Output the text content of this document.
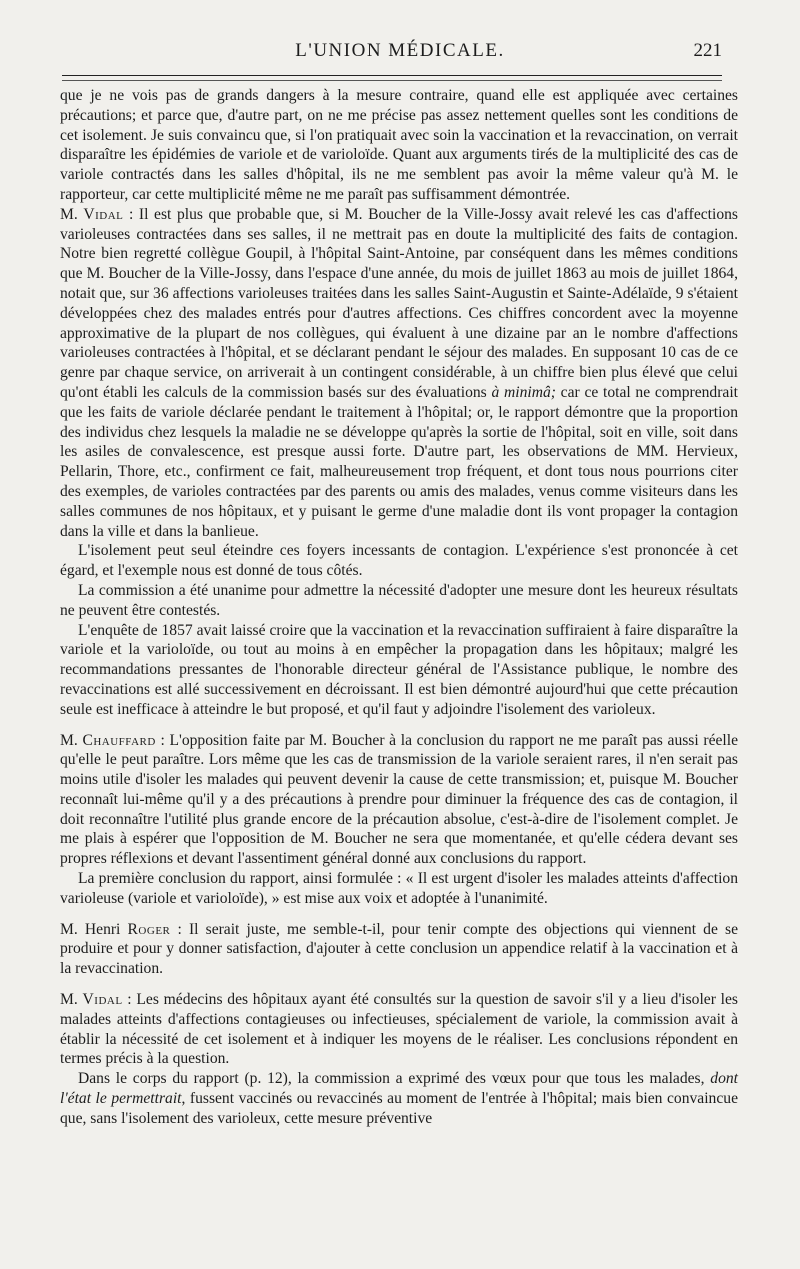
L'UNION MÉDICALE.	221

que je ne vois pas de grands dangers à la mesure contraire, quand elle est appliquée avec certaines précautions; et parce que, d'autre part, on ne me précise pas assez nettement quelles sont les conditions de cet isolement. Je suis convaincu que, si l'on pratiquait avec soin la vaccination et la revaccination, on verrait disparaître les épidémies de variole et de varioloïde. Quant aux arguments tirés de la multiplicité des cas de variole contractés dans les salles d'hôpital, ils ne me semblent pas avoir la même valeur qu'à M. le rapporteur, car cette multiplicité même ne me paraît pas suffisamment démontrée.

M. Vidal : Il est plus que probable que, si M. Boucher de la Ville-Jossy avait relevé les cas d'affections varioleuses contractées dans ses salles, il ne mettrait pas en doute la multiplicité des faits de contagion. Notre bien regretté collègue Goupil, à l'hôpital Saint-Antoine, par conséquent dans les mêmes conditions que M. Boucher de la Ville-Jossy, dans l'espace d'une année, du mois de juillet 1863 au mois de juillet 1864, notait que, sur 36 affections varioleuses traitées dans les salles Saint-Augustin et Sainte-Adélaïde, 9 s'étaient développées chez des malades entrés pour d'autres affections. Ces chiffres concordent avec la moyenne approximative de la plupart de nos collègues, qui évaluent à une dizaine par an le nombre d'affections varioleuses contractées à l'hôpital, et se déclarant pendant le séjour des malades. En supposant 10 cas de ce genre par chaque service, on arriverait à un contingent considérable, à un chiffre bien plus élevé que celui qu'ont établi les calculs de la commission basés sur des évaluations à minimâ; car ce total ne comprendrait que les faits de variole déclarée pendant le traitement à l'hôpital; or, le rapport démontre que la proportion des individus chez lesquels la maladie ne se développe qu'après la sortie de l'hôpital, soit en ville, soit dans les asiles de convalescence, est presque aussi forte. D'autre part, les observations de MM. Hervieux, Pellarin, Thore, etc., confirment ce fait, malheureusement trop fréquent, et dont tous nous pourrions citer des exemples, de varioles contractées par des parents ou amis des malades, venus comme visiteurs dans les salles communes de nos hôpitaux, et y puisant le germe d'une maladie dont ils vont propager la contagion dans la ville et dans la banlieue.

L'isolement peut seul éteindre ces foyers incessants de contagion. L'expérience s'est prononcée à cet égard, et l'exemple nous est donné de tous côtés.

La commission a été unanime pour admettre la nécessité d'adopter une mesure dont les heureux résultats ne peuvent être contestés.

L'enquête de 1857 avait laissé croire que la vaccination et la revaccination suffiraient à faire disparaître la variole et la varioloïde, ou tout au moins à en empêcher la propagation dans les hôpitaux; malgré les recommandations pressantes de l'honorable directeur général de l'Assistance publique, le nombre des revaccinations est allé successivement en décroissant. Il est bien démontré aujourd'hui que cette précaution seule est inefficace à atteindre le but proposé, et qu'il faut y adjoindre l'isolement des varioleux.

M. Chauffard : L'opposition faite par M. Boucher à la conclusion du rapport ne me paraît pas aussi réelle qu'elle le peut paraître. Lors même que les cas de transmission de la variole seraient rares, il n'en serait pas moins utile d'isoler les malades qui peuvent devenir la cause de cette transmission; et, puisque M. Boucher reconnaît lui-même qu'il y a des précautions à prendre pour diminuer la fréquence des cas de contagion, il doit reconnaître l'utilité plus grande encore de la précaution absolue, c'est-à-dire de l'isolement complet. Je me plais à espérer que l'opposition de M. Boucher ne sera que momentanée, et qu'elle cédera devant ses propres réflexions et devant l'assentiment général donné aux conclusions du rapport.

La première conclusion du rapport, ainsi formulée : « Il est urgent d'isoler les malades atteints d'affection varioleuse (variole et varioloïde), » est mise aux voix et adoptée à l'unanimité.

M. Henri Roger : Il serait juste, me semble-t-il, pour tenir compte des objections qui viennent de se produire et pour y donner satisfaction, d'ajouter à cette conclusion un appendice relatif à la vaccination et à la revaccination.

M. Vidal : Les médecins des hôpitaux ayant été consultés sur la question de savoir s'il y a lieu d'isoler les malades atteints d'affections contagieuses ou infectieuses, spécialement de variole, la commission avait à établir la nécessité de cet isolement et à indiquer les moyens de le réaliser. Les conclusions répondent en termes précis à la question.

Dans le corps du rapport (p. 12), la commission a exprimé des vœux pour que tous les malades, dont l'état le permettrait, fussent vaccinés ou revaccinés au moment de l'entrée à l'hôpital; mais bien convaincue que, sans l'isolement des varioleux, cette mesure préventive
